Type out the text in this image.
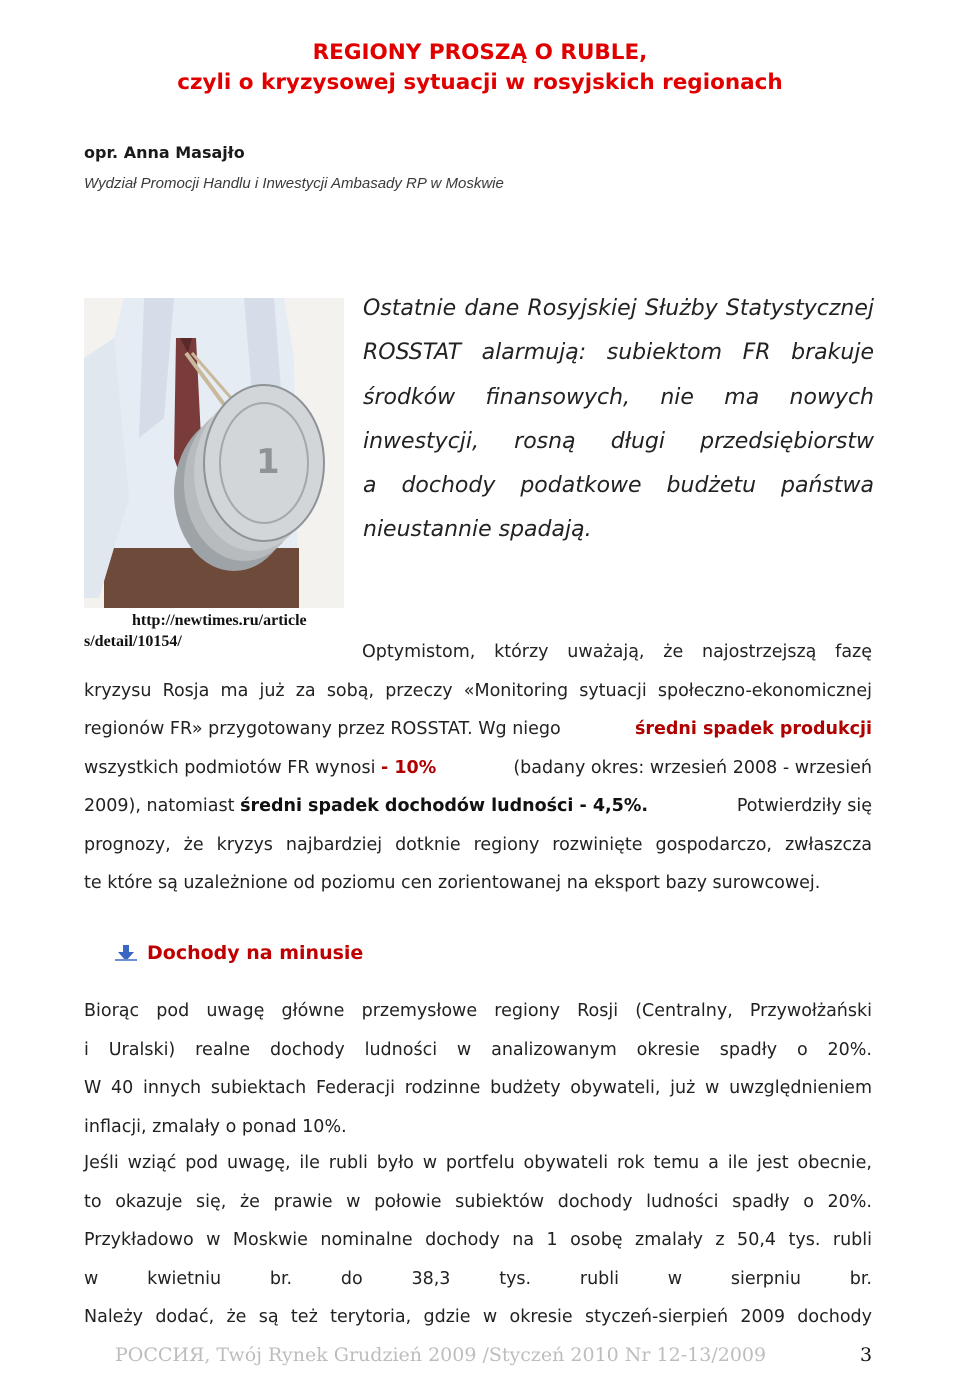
REGIONY PROSZĄ O RUBLE,
czyli o kryzysowej sytuacji w rosyjskich regionach
opr. Anna Masajło
Wydział Promocji Handlu i Inwestycji Ambasady RP w Moskwie
1
http://newtimes.ru/article
s/detail/10154/
Ostatnie dane Rosyjskiej Służby Statystycznej
ROSSTAT alarmują: subiektom FR brakuje
środków finansowych, nie ma nowych
inwestycji, rosną długi przedsiębiorstw
a dochody podatkowe budżetu państwa
nieustannie spadają.
Optymistom, którzy uważają, że najostrzejszą fazę
kryzysu Rosja ma już za sobą, przeczy «Monitoring sytuacji społeczno-ekonomicznej
regionów FR» przygotowany przez ROSSTAT. Wg niego	średni spadek produkcji
wszystkich podmiotów FR wynosi - 10%	(badany okres: wrzesień 2008 - wrzesień
2009), natomiast średni spadek dochodów ludności - 4,5%.	Potwierdziły się
prognozy, że kryzys najbardziej dotknie regiony rozwinięte gospodarczo, zwłaszcza
te które są uzależnione od poziomu cen zorientowanej na eksport bazy surowcowej.
Dochody na minusie
Biorąc pod uwagę główne przemysłowe regiony Rosji (Centralny, Przywołżański
i Uralski) realne dochody ludności w analizowanym okresie spadły o 20%.
W 40 innych subiektach Federacji rodzinne budżety obywateli, już w uwzględnieniem
inflacji, zmalały o ponad 10%.
Jeśli wziąć pod uwagę, ile rubli było w portfelu obywateli rok temu a ile jest obecnie,
to okazuje się, że prawie w połowie subiektów dochody ludności spadły o 20%.
Przykładowo w Moskwie nominalne dochody na 1 osobę zmalały z 50,4 tys. rubli
w kwietniu br. do 38,3 tys. rubli w sierpniu br.
Należy dodać, że są też terytoria, gdzie w okresie styczeń-sierpień 2009 dochody
РОССИЯ, Twój Rynek Grudzień 2009 /Styczeń 2010 Nr 12-13/2009	3
